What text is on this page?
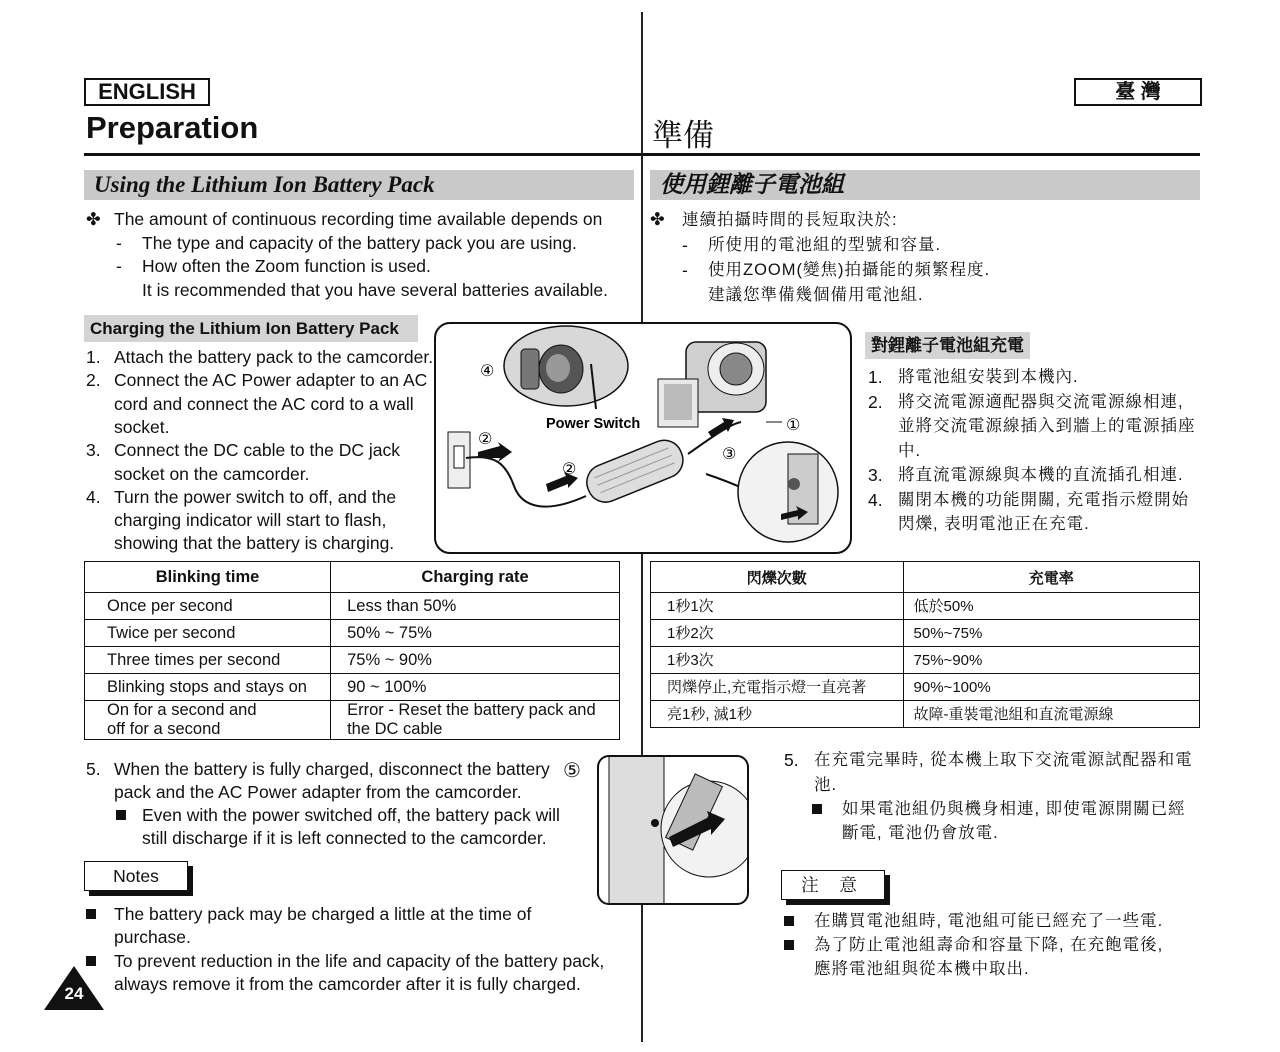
ENGLISH	臺 灣
Preparation	準備
Using the Lithium Ion Battery Pack	使用鋰離子電池組
✤ The amount of continuous recording time available depends on
- The type and capacity of the battery pack you are using.
- How often the Zoom function is used.
It is recommended that you have several batteries available.
✤ 連續拍攝時間的長短取決於:
- 所使用的電池組的型號和容量.
- 使用ZOOM(變焦)拍攝能的頻繁程度.
建議您準備幾個備用電池組.
Charging the Lithium Ion Battery Pack
對鋰離子電池組充電
1. Attach the battery pack to the camcorder.
2. Connect the AC Power adapter to an AC
cord and connect the AC cord to a wall
socket.
3. Connect the DC cable to the DC jack
socket on the camcorder.
4. Turn the power switch to off, and the
charging indicator will start to flash,
showing that the battery is charging.
1. 將電池組安裝到本機內.
2. 將交流電源適配器與交流電源線相連,
並將交流電源線插入到牆上的電源插座
中.
3. 將直流電源線與本機的直流插孔相連.
4. 關閉本機的功能開關, 充電指示燈開始
閃爍, 表明電池正在充電.
④
②
②
③
①
Power Switch
Blinking time	Charging rate
Once per second	Less than 50%
Twice per second	50% ~ 75%
Three times per second	75% ~ 90%
Blinking stops and stays on	90 ~ 100%
On for a second and
off for a second	Error - Reset the battery pack and
the DC cable
閃爍次數	充電率
1秒1次	低於50%
1秒2次	50%~75%
1秒3次	75%~90%
閃爍停止,充電指示燈一直亮著	90%~100%
亮1秒, 滅1秒	故障-重裝電池組和直流電源線
5. When the battery is fully charged, disconnect the battery
pack and the AC Power adapter from the camcorder.
Even with the power switched off, the battery pack will
still discharge if it is left connected to the camcorder.
⑤	5. 在充電完畢時, 從本機上取下交流電源試配器和電
池.
如果電池組仍與機身相連, 即使電源開關已經
斷電, 電池仍會放電.
Notes	注 意
The battery pack may be charged a little at the time of
purchase.
To prevent reduction in the life and capacity of the battery pack,
always remove it from the camcorder after it is fully charged.
在購買電池組時, 電池組可能已經充了一些電.
為了防止電池組壽命和容量下降, 在充飽電後,
應將電池組與從本機中取出.
24
